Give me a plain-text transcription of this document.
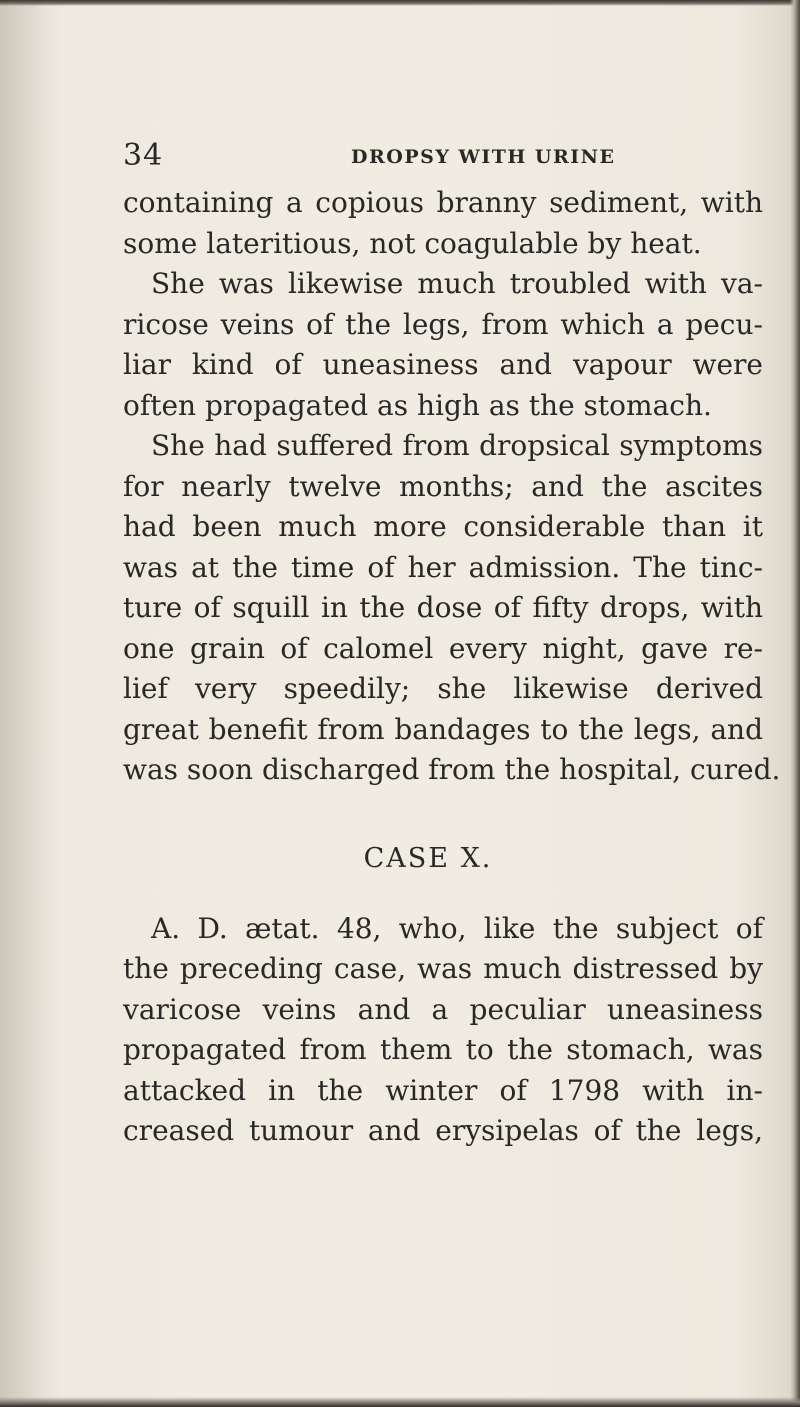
34	DROPSY WITH URINE
containing a copious branny sediment, with
some lateritious, not coagulable by heat.
She was likewise much troubled with va-
ricose veins of the legs, from which a pecu-
liar kind of uneasiness and vapour were
often propagated as high as the stomach.
She had suffered from dropsical symptoms
for nearly twelve months; and the ascites
had been much more considerable than it
was at the time of her admission. The tinc-
ture of squill in the dose of fifty drops, with
one grain of calomel every night, gave re-
lief very speedily; she likewise derived
great benefit from bandages to the legs, and
was soon discharged from the hospital, cured.
CASE X.
A. D. ætat. 48, who, like the subject of
the preceding case, was much distressed by
varicose veins and a peculiar uneasiness
propagated from them to the stomach, was
attacked in the winter of 1798 with in-
creased tumour and erysipelas of the legs,
